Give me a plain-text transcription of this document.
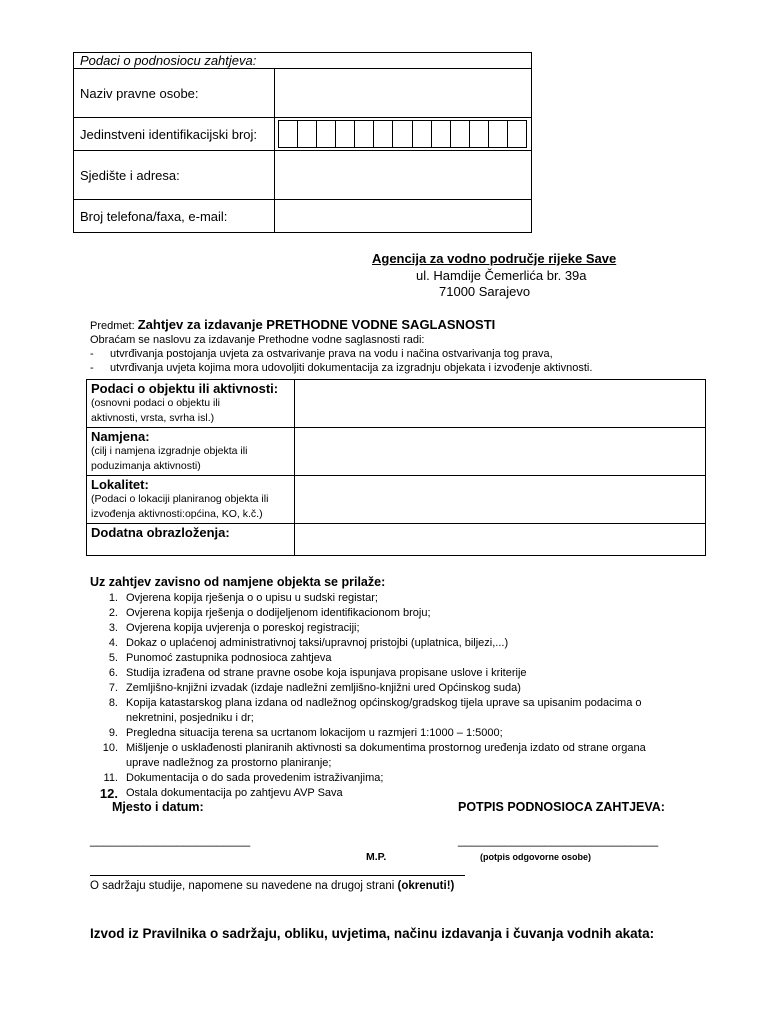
Podaci o podnosiocu zahtjeva:	
Naziv pravne osobe:	
Jedinstveni identifikacijski broj:	

Sjedište i adresa:	
Broj telefona/faxa, e-mail:	
Agencija za vodno područje rijeke Save
ul. Hamdije Čemerlića br. 39a
71000 Sarajevo
Predmet: Zahtjev za izdavanje PRETHODNE VODNE SAGLASNOSTI
Obraćam se naslovu za izdavanje Prethodne vodne saglasnosti radi:
-	utvrđivanja postojanja uvjeta za ostvarivanje prava na vodu i načina ostvarivanja tog prava,
-	utvrđivanja uvjeta kojima mora udovoljiti dokumentacija za izgradnju objekata i izvođenje aktivnosti.
Podaci o objektu ili aktivnosti:
(osnovni podaci o objektu ili
aktivnosti, vrsta, svrha isl.)	

Namjena:
(cilj i namjena izgradnje objekta ili
poduzimanja aktivnosti)	

Lokalitet:
(Podaci o lokaciji planiranog objekta ili
izvođenja aktivnosti:općina, KO, k.č.)	

Dodatna obrazloženja:	

Uz zahtjev zavisno od namjene objekta se prilaže:
1. Ovjerena kopija rješenja o o upisu u sudski registar;
2. Ovjerena kopija rješenja o dodijeljenom identifikacionom broju;
3. Ovjerena kopija uvjerenja o poreskoj registraciji;
4. Dokaz o uplaćenoj administrativnoj taksi/upravnoj pristojbi (uplatnica, biljezi,...)
5. Punomoć zastupnika podnosioca zahtjeva
6. Studija izrađena od strane pravne osobe koja ispunjava propisane uslove i kriterije
7. Zemljišno-knjižni izvadak (izdaje nadležni zemljišno-knjižni ured Općinskog suda)
8. Kopija katastarskog plana izdana od nadležnog općinskog/gradskog tijela uprave sa upisanim podacima o nekretnini, posjedniku i dr;
9. Pregledna situacija terena sa ucrtanom lokacijom u razmjeri 1:1000 – 1:5000;
10. Mišljenje o usklađenosti planiranih aktivnosti sa dokumentima prostornog uređenja izdato od strane organa uprave nadležnog za prostorno planiranje;
11. Dokumentacija o do sada provedenim istraživanjima;
12. Ostala dokumentacija po zahtjevu AVP Sava
Mjesto i datum:	POTPIS PODNOSIOCA ZAHTJEVA:
________________________	______________________________
M.P.	(potpis odgovorne osobe)
O sadržaju studije, napomene su navedene na drugoj strani (okrenuti!)
Izvod iz Pravilnika o sadržaju, obliku, uvjetima, načinu izdavanja i čuvanja vodnih akata:
